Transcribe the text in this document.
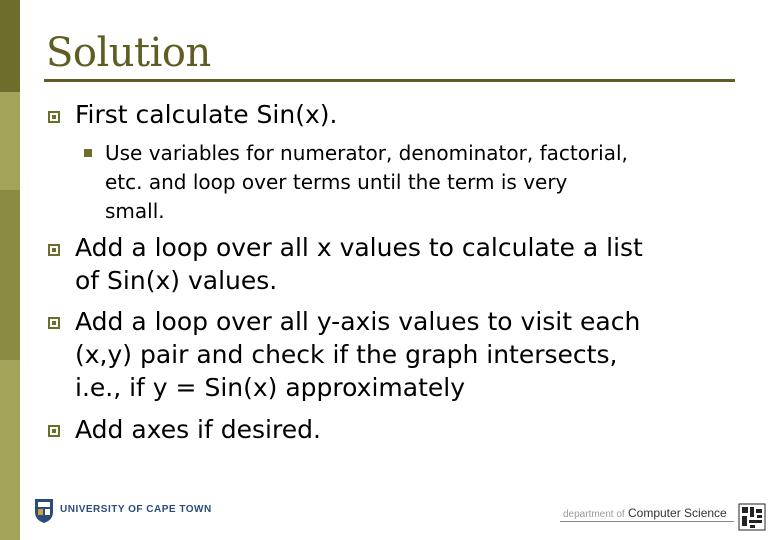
Solution
First calculate Sin(x).
Use variables for numerator, denominator, factorial,
etc. and loop over terms until the term is very
small.
Add a loop over all x values to calculate a list
of Sin(x) values.
Add a loop over all y-axis values to visit each
(x,y) pair and check if the graph intersects,
i.e., if y = Sin(x) approximately
Add axes if desired.
UNIVERSITY OF CAPE TOWN	department of Computer Science
